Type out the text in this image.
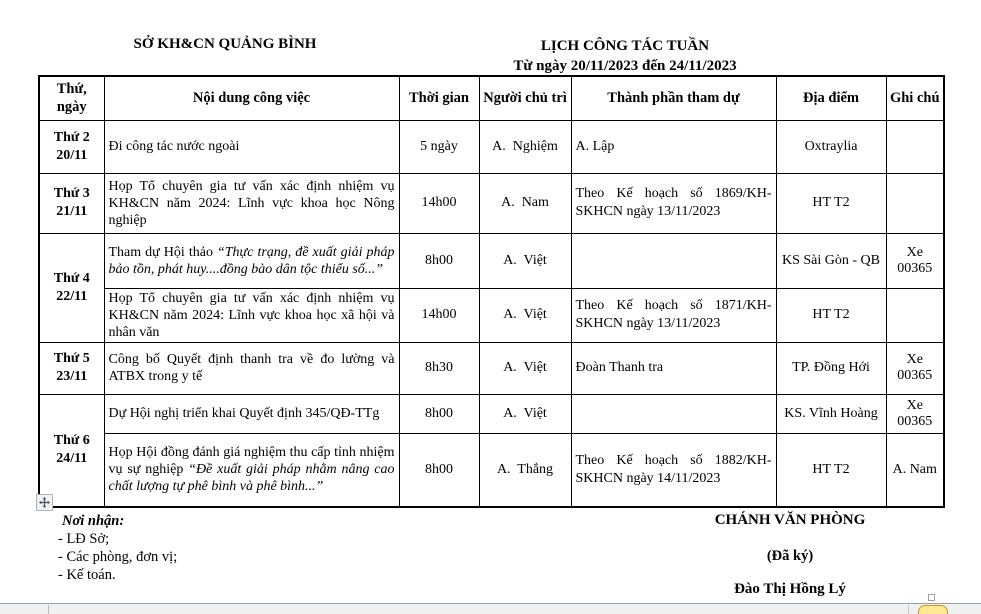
SỞ KH&CN QUẢNG BÌNH	LỊCH CÔNG TÁC TUẦN
Từ ngày 20/11/2023 đến 24/11/2023
Thứ, ngày	Nội dung công việc	Thời gian	Người chủ trì	Thành phần tham dự	Địa điểm	Ghi chú

Thứ 2
20/11	Đi công tác nước ngoài	5 ngày	A.  Nghiệm	A. Lập	Oxtraylia	

Thứ 3
21/11	Họp Tổ chuyên gia tư vấn xác định nhiệm vụ KH&CN năm 2024: Lĩnh vực khoa học Nông nghiệp	14h00	A.  Nam	Theo Kế hoạch số 1869/KH-SKHCN ngày 13/11/2023	HT T2	

Thứ 4
22/11	Tham dự Hội thảo “Thực trạng, đề xuất giải pháp bảo tồn, phát huy....đồng bào dân tộc thiểu số...”	8h00	A.  Việt		KS Sài Gòn - QB	Xe 00365
	Họp Tổ chuyên gia tư vấn xác định nhiệm vụ KH&CN năm 2024: Lĩnh vực khoa học xã hội và nhân văn	14h00	A.  Việt	Theo Kế hoạch số 1871/KH-SKHCN ngày 13/11/2023	HT T2	

Thứ 5
23/11	Công bố Quyết định thanh tra về đo lường và ATBX trong y tế	8h30	A.  Việt	Đoàn Thanh tra	TP. Đồng Hới	Xe 00365

Thứ 6
24/11	Dự Hội nghị triển khai Quyết định 345/QĐ-TTg	8h00	A.  Việt		KS. Vĩnh Hoàng	Xe 00365
	Họp Hội đồng đánh giá nghiệm thu cấp tỉnh nhiệm vụ sự nghiệp “Đề xuất giải pháp nhằm nâng cao chất lượng tự phê bình và phê bình...”	8h00	A.  Thắng	Theo Kế hoạch số 1882/KH-SKHCN ngày 14/11/2023	HT T2	A. Nam
Nơi nhận:
- LĐ Sở;
- Các phòng, đơn vị;
- Kế toán.
CHÁNH VĂN PHÒNG
(Đã ký)
Đào Thị Hồng Lý
